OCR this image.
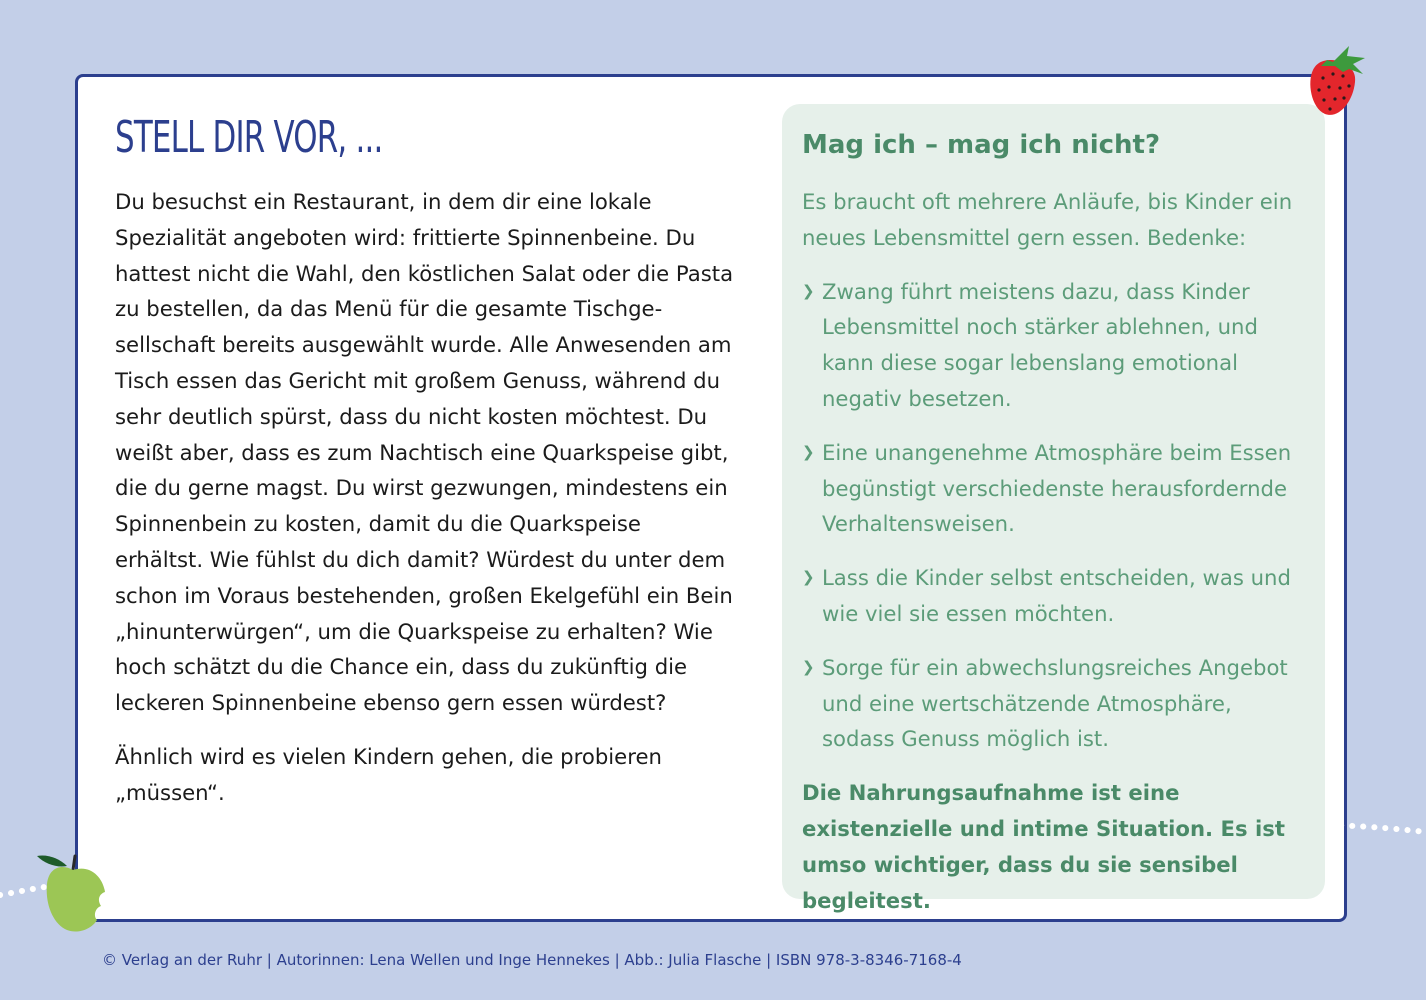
STELL DIR VOR, ...

Du besuchst ein Restaurant, in dem dir eine lokale Spezialität angeboten wird: frittierte Spinnenbeine. Du hattest nicht die Wahl, den köstlichen Salat oder die Pasta zu bestellen, da das Menü für die gesamte Tischgesellschaft bereits ausgewählt wurde. Alle Anwesenden am Tisch essen das Gericht mit großem Genuss, während du sehr deutlich spürst, dass du nicht kosten möchtest. Du weißt aber, dass es zum Nachtisch eine Quarkspeise gibt, die du gerne magst. Du wirst gezwungen, mindestens ein Spinnenbein zu kosten, damit du die Quarkspeise erhältst. Wie fühlst du dich damit? Würdest du unter dem schon im Voraus bestehenden, großen Ekelgefühl ein Bein „hinunterwürgen“, um die Quarkspeise zu erhalten? Wie hoch schätzt du die Chance ein, dass du zukünftig die leckeren Spinnenbeine ebenso gern essen würdest?

Ähnlich wird es vielen Kindern gehen, die probieren „müssen“.

Mag ich – mag ich nicht?

Es braucht oft mehrere Anläufe, bis Kinder ein neues Lebensmittel gern essen. Bedenke:

❯ Zwang führt meistens dazu, dass Kinder Lebensmittel noch stärker ablehnen, und kann diese sogar lebenslang emotional negativ besetzen.
❯ Eine unangenehme Atmosphäre beim Essen begünstigt verschiedenste herausfordernde Verhaltensweisen.
❯ Lass die Kinder selbst entscheiden, was und wie viel sie essen möchten.
❯ Sorge für ein abwechslungsreiches Angebot und eine wertschätzende Atmosphäre, sodass Genuss möglich ist.

Die Nahrungsaufnahme ist eine existenzielle und intime Situation. Es ist umso wichtiger, dass du sie sensibel begleitest.

© Verlag an der Ruhr | Autorinnen: Lena Wellen und Inge Hennekes | Abb.: Julia Flasche | ISBN 978-3-8346-7168-4
